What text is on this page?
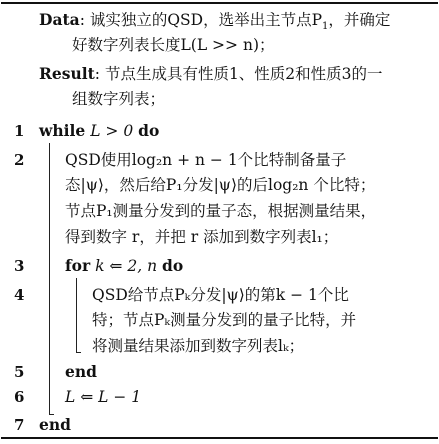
Data: 诚实独立的QSD，选举出主节点$P_1$，并确定
好数字列表长度L(L >> n)；
Result: 节点生成具有性质1、性质2和性质3的一
组数字列表；
1 while L > 0 do
2	QSD使用log₂n + n − 1个比特制备量子
态|ψ⟩，然后给P₁分发|ψ⟩的后log₂n 个比特；
节点P₁测量分发到的量子态，根据测量结果，
得到数字 r，并把 r 添加到数字列表l₁；
3	for k ⇐ 2, n do
4	QSD给节点Pₖ分发|ψ⟩的第k − 1个比
特；节点Pₖ测量分发到的量子比特，并
将测量结果添加到数字列表lₖ；
5	end
6	L ⇐ L − 1
7 end
